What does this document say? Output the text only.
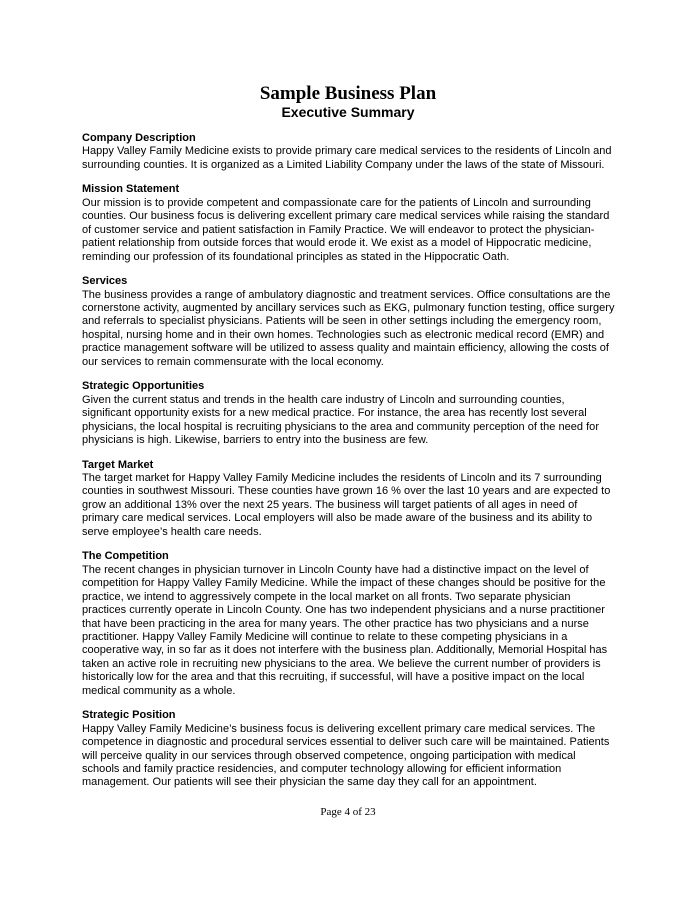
Sample Business Plan
Executive Summary
Company Description

Happy Valley Family Medicine exists to provide primary care medical services to the residents of Lincoln and surrounding counties. It is organized as a Limited Liability Company under the laws of the state of Missouri.

Mission Statement

Our mission is to provide competent and compassionate care for the patients of Lincoln and surrounding counties. Our business focus is delivering excellent primary care medical services while raising the standard of customer service and patient satisfaction in Family Practice. We will endeavor to protect the physician-patient relationship from outside forces that would erode it. We exist as a model of Hippocratic medicine, reminding our profession of its foundational principles as stated in the Hippocratic Oath.

Services

The business provides a range of ambulatory diagnostic and treatment services. Office consultations are the cornerstone activity, augmented by ancillary services such as EKG, pulmonary function testing, office surgery and referrals to specialist physicians. Patients will be seen in other settings including the emergency room, hospital, nursing home and in their own homes. Technologies such as electronic medical record (EMR) and practice management software will be utilized to assess quality and maintain efficiency, allowing the costs of our services to remain commensurate with the local economy.

Strategic Opportunities

Given the current status and trends in the health care industry of Lincoln and surrounding counties, significant opportunity exists for a new medical practice. For instance, the area has recently lost several physicians, the local hospital is recruiting physicians to the area and community perception of the need for physicians is high. Likewise, barriers to entry into the business are few.

Target Market

The target market for Happy Valley Family Medicine includes the residents of Lincoln and its 7 surrounding counties in southwest Missouri. These counties have grown 16 % over the last 10 years and are expected to grow an additional 13% over the next 25 years. The business will target patients of all ages in need of primary care medical services. Local employers will also be made aware of the business and its ability to serve employee’s health care needs.

The Competition

The recent changes in physician turnover in Lincoln County have had a distinctive impact on the level of competition for Happy Valley Family Medicine. While the impact of these changes should be positive for the practice, we intend to aggressively compete in the local market on all fronts. Two separate physician practices currently operate in Lincoln County. One has two independent physicians and a nurse practitioner that have been practicing in the area for many years. The other practice has two physicians and a nurse practitioner. Happy Valley Family Medicine will continue to relate to these competing physicians in a cooperative way, in so far as it does not interfere with the business plan. Additionally, Memorial Hospital has taken an active role in recruiting new physicians to the area. We believe the current number of providers is historically low for the area and that this recruiting, if successful, will have a positive impact on the local medical community as a whole.

Strategic Position

Happy Valley Family Medicine’s business focus is delivering excellent primary care medical services. The competence in diagnostic and procedural services essential to deliver such care will be maintained. Patients will perceive quality in our services through observed competence, ongoing participation with medical schools and family practice residencies, and computer technology allowing for efficient information management. Our patients will see their physician the same day they call for an appointment.

Page 4 of 23
